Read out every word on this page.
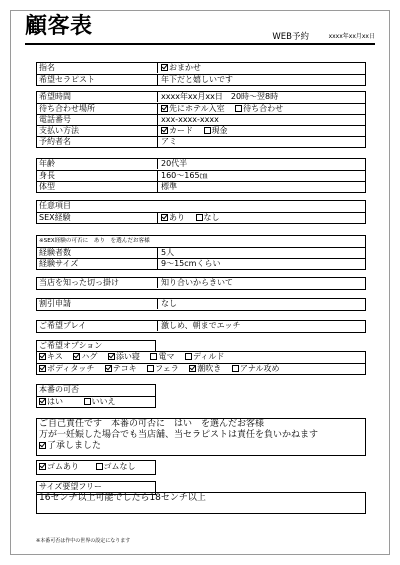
顧客表	WEB予約	xxxx年xx月xx日
指名	おまかせ
希望セラピスト	年下だと嬉しいです
希望時間	xxxx年xx月xx日　20時～翌8時
待ち合わせ場所	先にホテル入室 待ち合わせ
電話番号	xxx-xxxx-xxxx
支払い方法	カード 現金
予約者名	アミ
年齢	20代半
身長	160～165㎝
体型	標準
任意項目
SEX経験	あり なし
※SEX経験の可否に　あり　を選んだお客様
経験者数	5人
経験サイズ	9～15cmくらい
当店を知った切っ掛け	知り合いからきいて
割引申請	なし
ご希望プレイ	激しめ、朝までエッチ
ご希望オプション
キス ハグ 添い寝 電マ ディルド
ボディタッチ テコキ フェラ 潮吹き アナル攻め
本番の可否
はい	いいえ
ご自己責任です　本番の可否に　はい　を選んだお客様
万が一妊娠した場合でも当店舗、当セラピストは責任を負いかねます
了承しました
ゴムあり	ゴムなし
サイズ要望フリー
16センチ以上可能でしたら18センチ以上
※本番可否は作中の世界の設定になります
